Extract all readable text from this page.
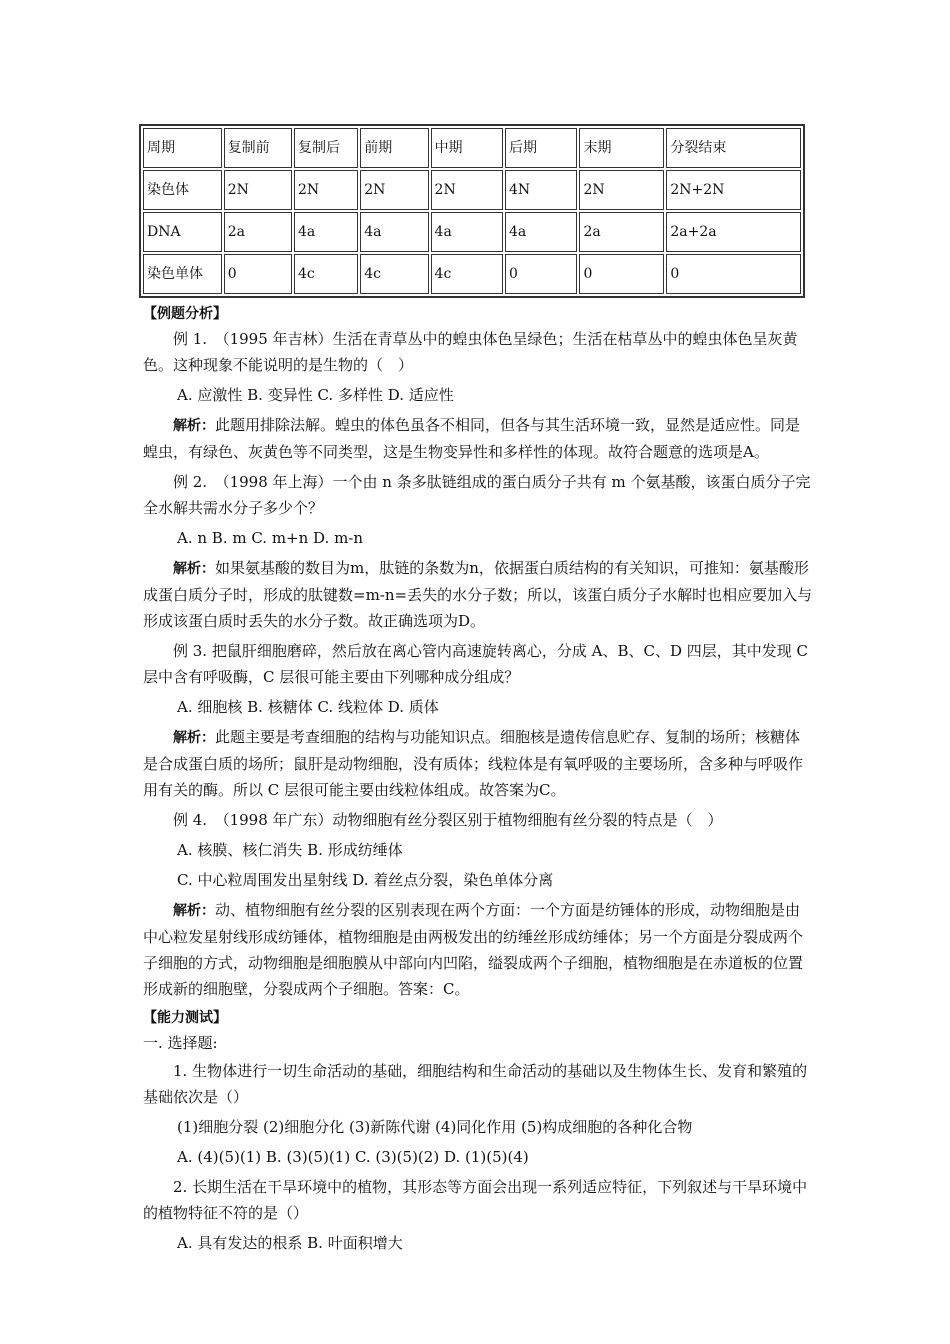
周期	复制前	复制后	前期	中期	后期	末期	分裂结束
染色体	2N	2N	2N	2N	4N	2N	2N+2N
DNA	2a	4a	4a	4a	4a	2a	2a+2a
染色单体	0	4c	4c	4c	0	0	0
【例题分析】

例 1.　（1995 年吉林）生活在青草丛中的蝗虫体色呈绿色；生活在枯草丛中的蝗虫体色呈灰黄色。这种现象不能说明的是生物的（　）

A. 应激性 B. 变异性 C. 多样性 D. 适应性

解析：此题用排除法解。蝗虫的体色虽各不相同，但各与其生活环境一致，显然是适应性。同是蝗虫，有绿色、灰黄色等不同类型，这是生物变异性和多样性的体现。故符合题意的选项是A。

例 2.　（1998 年上海）一个由 n 条多肽链组成的蛋白质分子共有 m 个氨基酸，该蛋白质分子完全水解共需水分子多少个？

A. n B. m C. m+n D. m-n

解析：如果氨基酸的数目为m，肽链的条数为n，依据蛋白质结构的有关知识，可推知：氨基酸形成蛋白质分子时，形成的肽键数=m-n=丢失的水分子数；所以，该蛋白质分子水解时也相应要加入与形成该蛋白质时丢失的水分子数。故正确选项为D。

例 3. 把鼠肝细胞磨碎，然后放在离心管内高速旋转离心，分成 A、B、C、D 四层，其中发现 C 层中含有呼吸酶，C 层很可能主要由下列哪种成分组成？

A. 细胞核 B. 核糖体 C. 线粒体 D. 质体

解析：此题主要是考查细胞的结构与功能知识点。细胞核是遗传信息贮存、复制的场所；核糖体是合成蛋白质的场所；鼠肝是动物细胞，没有质体；线粒体是有氧呼吸的主要场所，含多种与呼吸作用有关的酶。所以 C 层很可能主要由线粒体组成。故答案为C。

例 4.　（1998 年广东）动物细胞有丝分裂区别于植物细胞有丝分裂的特点是（　）

A. 核膜、核仁消失 B. 形成纺缍体

C. 中心粒周围发出星射线 D. 着丝点分裂，染色单体分离

解析：动、植物细胞有丝分裂的区别表现在两个方面：一个方面是纺锤体的形成，动物细胞是由中心粒发星射线形成纺锤体，植物细胞是由两极发出的纺缍丝形成纺缍体；另一个方面是分裂成两个子细胞的方式，动物细胞是细胞膜从中部向内凹陷，缢裂成两个子细胞，植物细胞是在赤道板的位置形成新的细胞壁，分裂成两个子细胞。答案：C。

【能力测试】

一. 选择题:

1. 生物体进行一切生命活动的基础，细胞结构和生命活动的基础以及生物体生长、发育和繁殖的基础依次是（）

(1)细胞分裂 (2)细胞分化 (3)新陈代谢 (4)同化作用 (5)构成细胞的各种化合物

A. (4)(5)(1) B. (3)(5)(1) C. (3)(5)(2) D. (1)(5)(4)

2. 长期生活在干旱环境中的植物，其形态等方面会出现一系列适应特征，下列叙述与干旱环境中的植物特征不符的是（）

A. 具有发达的根系 B. 叶面积增大
